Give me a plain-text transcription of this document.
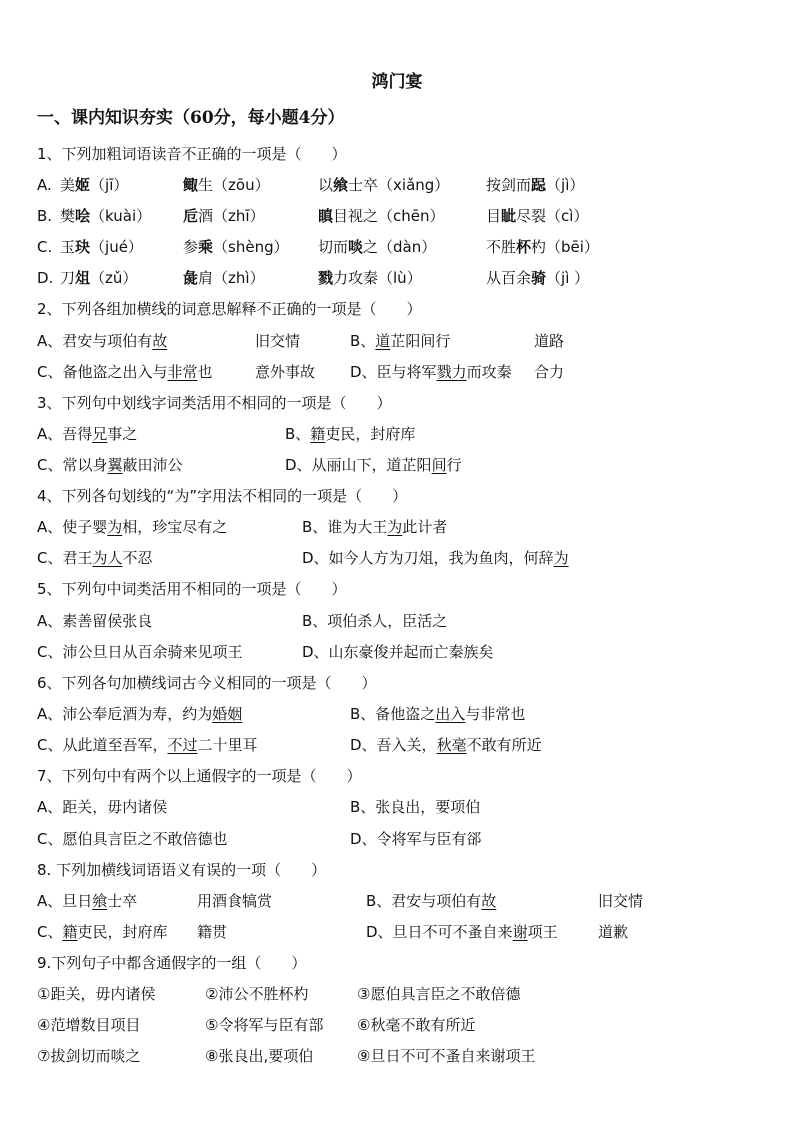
鸿门宴
一、课内知识夯实（60分，每小题4分）
1、下列加粗词语读音不正确的一项是（　　）
A. 美姬（jī）	鲰生（zōu）	以飨士卒（xiǎng） 按剑而跽（jì）
B. 樊哙（kuài） 卮酒（zhī）	瞋目视之（chēn）	目眦尽裂（cì）
C. 玉玦（jué）	参乘（shèng） 切而啖之（dàn）	不胜杯杓（bēi）
D. 刀俎（zǔ）	彘肩（zhì）	戮力攻秦（lù）	从百余骑（jì ）
2、下列各组加横线的词意思解释不正确的一项是（　　）
A、君安与项伯有故	旧交情	B、道芷阳间行	道路
C、备他盗之出入与非常也	意外事故 D、臣与将军戮力而攻秦 合力
3、下列句中划线字词类活用不相同的一项是（　　）
A、吾得兄事之	B、籍吏民，封府库
C、常以身翼蔽田沛公	D、从丽山下，道芷阳间行
4、下列各句划线的“为”字用法不相同的一项是（　　）
A、使子婴为相，珍宝尽有之	B、谁为大王为此计者
C、君王为人不忍	D、如今人方为刀俎，我为鱼肉，何辞为
5、下列句中词类活用不相同的一项是（　　）
A、素善留侯张良	B、项伯杀人，臣活之
C、沛公旦日从百余骑来见项王	D、山东豪俊并起而亡秦族矣
6、下列各句加横线词古今义相同的一项是（　　）
A、沛公奉卮酒为寿，约为婚姻	B、备他盗之出入与非常也
C、从此道至吾军，不过二十里耳	D、吾入关，秋毫不敢有所近
7、下列句中有两个以上通假字的一项是（　　）
A、距关，毋内诸侯	B、张良出，要项伯
C、愿伯具言臣之不敢倍德也	D、令将军与臣有郤
8. 下列加横线词语语义有误的一项（　　）
A、旦日飨士卒	用酒食犒赏	B、君安与项伯有故	旧交情
C、籍吏民，封府库 籍贯	D、旦日不可不蚤自来谢项王	道歉
9.下列句子中都含通假字的一组（　　）
①距关，毋内诸侯	②沛公不胜杯杓	③愿伯具言臣之不敢倍德
④范增数目项目	⑤令将军与臣有部 ⑥秋毫不敢有所近
⑦拔剑切而啖之	⑧张良出,要项伯	⑨旦日不可不蚤自来谢项王
